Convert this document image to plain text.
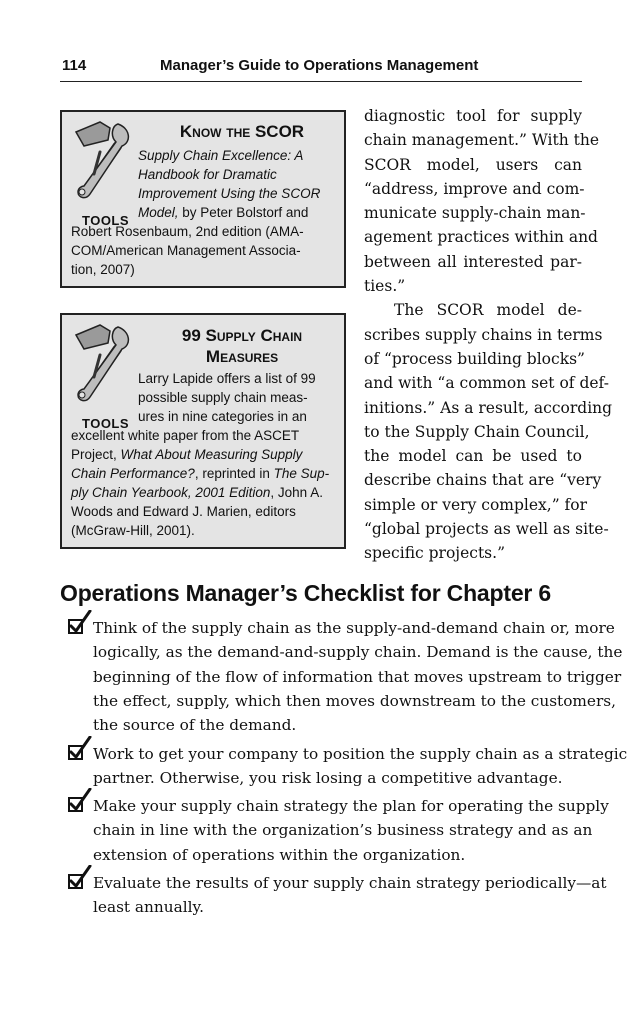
114	Manager’s Guide to Operations Management
TOOLS
Know the SCOR
Supply Chain Excellence: A
Handbook for Dramatic
Improvement Using the SCOR
Model, by Peter Bolstorf and
Robert Rosenbaum, 2nd edition (AMA-
COM/American Management Associa-
tion, 2007)
TOOLS
99 Supply Chain
Measures
Larry Lapide offers a list of 99
possible supply chain meas-
ures in nine categories in an
excellent white paper from the ASCET
Project, What About Measuring Supply
Chain Performance?, reprinted in The Sup-
ply Chain Yearbook, 2001 Edition, John A.
Woods and Edward J. Marien, editors
(McGraw-Hill, 2001).
diagnostic tool for supply
chain management.” With the
SCOR model, users can
“address, improve and com-
municate supply-chain man-
agement practices within and
between all interested par-
ties.”
The SCOR model de-
scribes supply chains in terms
of “process building blocks”
and with “a common set of def-
initions.” As a result, according
to the Supply Chain Council,
the model can be used to
describe chains that are “very
simple or very complex,” for
“global projects as well as site-
specific projects.”
Operations Manager’s Checklist for Chapter 6
Think of the supply chain as the supply-and-demand chain or, more
logically, as the demand-and-supply chain. Demand is the cause, the
beginning of the flow of information that moves upstream to trigger
the effect, supply, which then moves downstream to the customers,
the source of the demand.
Work to get your company to position the supply chain as a strategic
partner. Otherwise, you risk losing a competitive advantage.
Make your supply chain strategy the plan for operating the supply
chain in line with the organization’s business strategy and as an
extension of operations within the organization.
Evaluate the results of your supply chain strategy periodically—at
least annually.
